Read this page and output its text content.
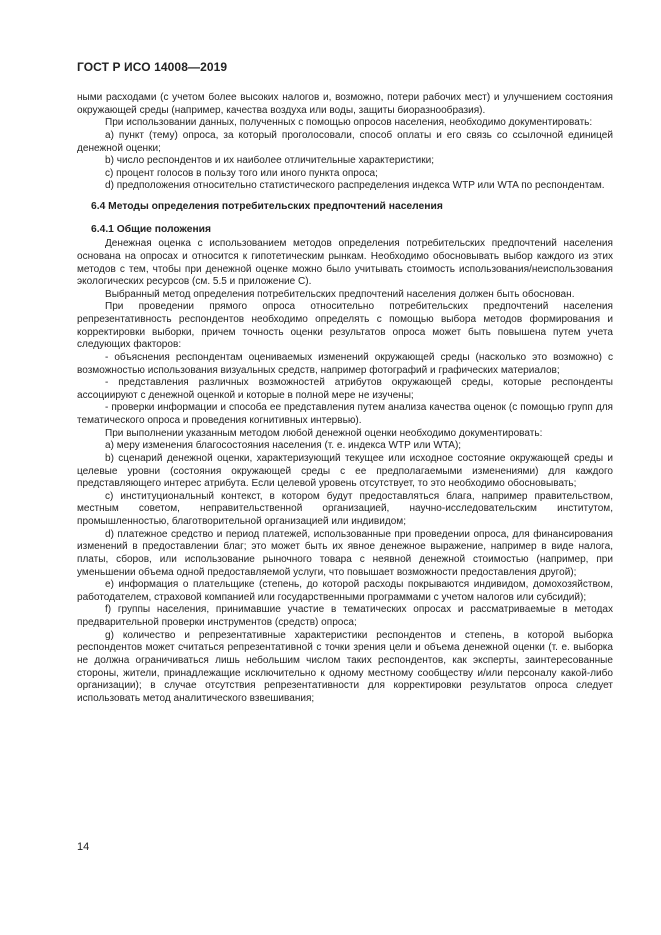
ГОСТ Р ИСО 14008—2019

ными расходами (с учетом более высоких налогов и, возможно, потери рабочих мест) и улучшением состояния окружающей среды (например, качества воздуха или воды, защиты биоразнообразия).

При использовании данных, полученных с помощью опросов населения, необходимо документировать:

a) пункт (тему) опроса, за который проголосовали, способ оплаты и его связь со ссылочной единицей денежной оценки;

b) число респондентов и их наиболее отличительные характеристики;

c) процент голосов в пользу того или иного пункта опроса;

d) предположения относительно статистического распределения индекса WTP или WTA по респондентам.

6.4 Методы определения потребительских предпочтений населения

6.4.1 Общие положения

Денежная оценка с использованием методов определения потребительских предпочтений населения основана на опросах и относится к гипотетическим рынкам. Необходимо обосновывать выбор каждого из этих методов с тем, чтобы при денежной оценке можно было учитывать стоимость использования/неиспользования экологических ресурсов (см. 5.5 и приложение С).

Выбранный метод определения потребительских предпочтений населения должен быть обоснован.

При проведении прямого опроса относительно потребительских предпочтений населения репрезентативность респондентов необходимо определять с помощью выбора методов формирования и корректировки выборки, причем точность оценки результатов опроса может быть повышена путем учета следующих факторов:

- объяснения респондентам оцениваемых изменений окружающей среды (насколько это возможно) с возможностью использования визуальных средств, например фотографий и графических материалов;

- представления различных возможностей атрибутов окружающей среды, которые респонденты ассоциируют с денежной оценкой и которые в полной мере не изучены;

- проверки информации и способа ее представления путем анализа качества оценок (с помощью групп для тематического опроса и проведения когнитивных интервью).

При выполнении указанным методом любой денежной оценки необходимо документировать:

a) меру изменения благосостояния населения (т. е. индекса WTP или WTA);

b) сценарий денежной оценки, характеризующий текущее или исходное состояние окружающей среды и целевые уровни (состояния окружающей среды с ее предполагаемыми изменениями) для каждого представляющего интерес атрибута. Если целевой уровень отсутствует, то это необходимо обосновывать;

c) институциональный контекст, в котором будут предоставляться блага, например правительством, местным советом, неправительственной организацией, научно-исследовательским институтом, промышленностью, благотворительной организацией или индивидом;

d) платежное средство и период платежей, использованные при проведении опроса, для финансирования изменений в предоставлении благ; это может быть их явное денежное выражение, например в виде налога, платы, сборов, или использование рыночного товара с неявной денежной стоимостью (например, при уменьшении объема одной предоставляемой услуги, что повышает возможности предоставления другой);

e) информация о плательщике (степень, до которой расходы покрываются индивидом, домохозяйством, работодателем, страховой компанией или государственными программами с учетом налогов или субсидий);

f) группы населения, принимавшие участие в тематических опросах и рассматриваемые в методах предварительной проверки инструментов (средств) опроса;

g) количество и репрезентативные характеристики респондентов и степень, в которой выборка респондентов может считаться репрезентативной с точки зрения цели и объема денежной оценки (т. е. выборка не должна ограничиваться лишь небольшим числом таких респондентов, как эксперты, заинтересованные стороны, жители, принадлежащие исключительно к одному местному сообществу и/или персоналу какой-либо организации); в случае отсутствия репрезентативности для корректировки результатов опроса следует использовать метод аналитического взвешивания;

14
